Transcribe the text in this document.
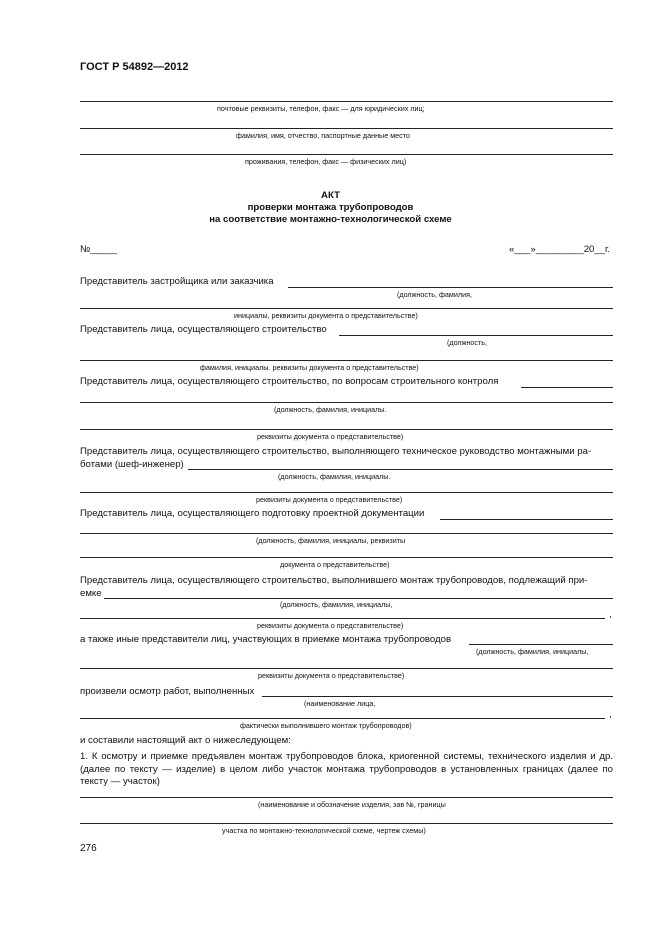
ГОСТ Р 54892—2012
почтовые реквизиты, телефон, факс — для юридических лиц;
фамилия, имя, отчество, паспортные данные место
проживания, телефон, факс — физических лиц)
АКТ
проверки монтажа трубопроводов
на соответствие монтажно-технологической схеме
№_____	«___»_________20__г.
Представитель застройщика или заказчика
(должность, фамилия,
инициалы, реквизиты документа о представительстве)
Представитель лица, осуществляющего строительство
(должность,
фамилия, инициалы. реквизиты документа о представительстве)
Представитель лица, осуществляющего строительство, по вопросам строительного контроля
(должность, фамилия, инициалы.
реквизиты документа о представительстве)
Представитель лица, осуществляющего строительство, выполняющего техническое руководство монтажными ра-
ботами (шеф-инженер)
(должность, фамилия, инициалы.
реквизиты документа о представительстве)
Представитель лица, осуществляющего подготовку проектной документации
(должность, фамилия, инициалы, реквизиты
документа о представительстве)
Представитель лица, осуществляющего строительство, выполнившего монтаж трубопроводов, подлежащий при-
емке
(должность, фамилия, инициалы,
,
реквизиты документа о представительстве)
а также иные представители лиц, участвующих в приемке монтажа трубопроводов
(должность, фамилия, инициалы,
реквизиты документа о представительстве)
произвели осмотр работ, выполненных
(наименование лица,
,
фактически выполнившего монтаж трубопроводов)
и составили настоящий акт о нижеследующем:
1. К осмотру и приемке предъявлен монтаж трубопроводов блока, криогенной системы, технического изделия и др. (далее по тексту — изделие) в целом либо участок монтажа трубопроводов в установленных границах (далее по тексту — участок)
(наименование и обозначение изделия, зав №, границы
участка по монтажно-технологической схеме, чертеж схемы)
276
